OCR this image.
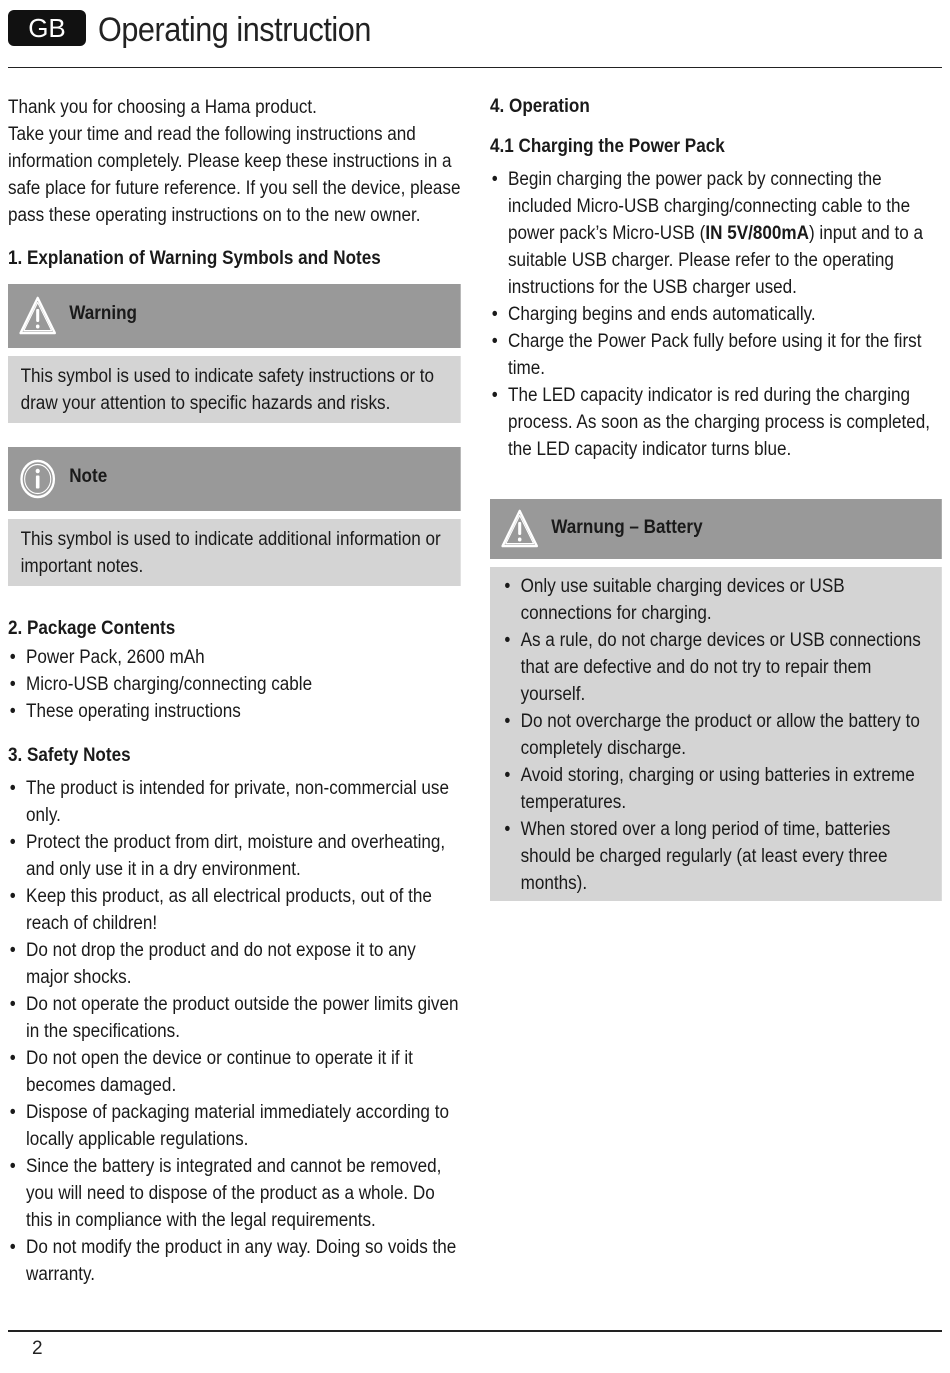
GB Operating instruction

Thank you for choosing a Hama product.

Take your time and read the following instructions and information completely. Please keep these instructions in a safe place for future reference. If you sell the device, please pass these operating instructions on to the new owner.

1. Explanation of Warning Symbols and Notes
Warning
This symbol is used to indicate safety instructions or to draw your attention to specific hazards and risks.
Note
This symbol is used to indicate additional information or important notes.
2. Package Contents
• Power Pack, 2600 mAh
• Micro-USB charging/connecting cable
• These operating instructions
3. Safety Notes
• The product is intended for private, non-commercial use only.
• Protect the product from dirt, moisture and overheating, and only use it in a dry environment.
• Keep this product, as all electrical products, out of the reach of children!
• Do not drop the product and do not expose it to any major shocks.
• Do not operate the product outside the power limits given in the specifications.
• Do not open the device or continue to operate it if it becomes damaged.
• Dispose of packaging material immediately according to locally applicable regulations.
• Since the battery is integrated and cannot be removed, you will need to dispose of the product as a whole. Do this in compliance with the legal requirements.
• Do not modify the product in any way. Doing so voids the warranty.
4. Operation
4.1 Charging the Power Pack
• Begin charging the power pack by connecting the included Micro-USB charging/connecting cable to the power pack’s Micro-USB (IN 5V/800mA) input and to a suitable USB charger. Please refer to the operating instructions for the USB charger used.
• Charging begins and ends automatically.
• Charge the Power Pack fully before using it for the first time.
• The LED capacity indicator is red during the charging process. As soon as the charging process is completed, the LED capacity indicator turns blue.
Warnung – Battery
• Only use suitable charging devices or USB connections for charging.
• As a rule, do not charge devices or USB connections that are defective and do not try to repair them yourself.
• Do not overcharge the product or allow the battery to completely discharge.
• Avoid storing, charging or using batteries in extreme temperatures.
• When stored over a long period of time, batteries should be charged regularly (at least every three months).
2
